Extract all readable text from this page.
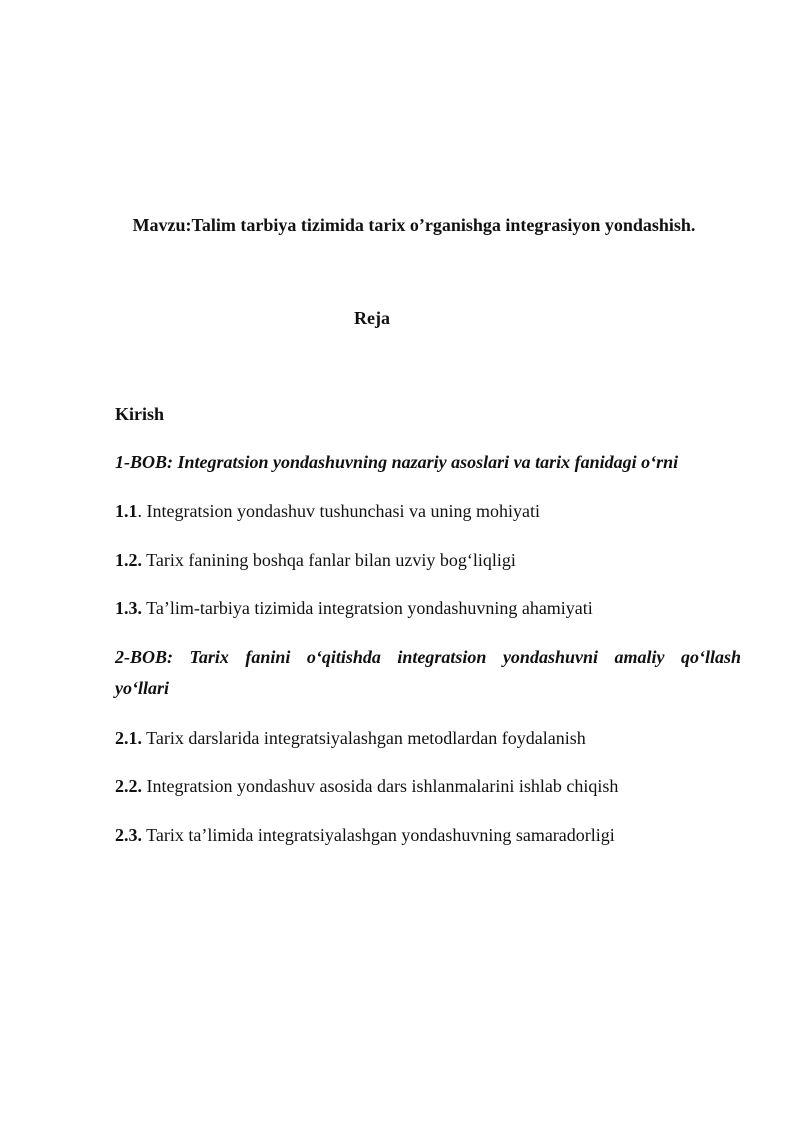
Mavzu:Talim tarbiya tizimida tarix o’rganishga integrasiyon yondashish.
Reja
Kirish
1-BOB: Integratsion yondashuvning nazariy asoslari va tarix fanidagi o‘rni
1.1. Integratsion yondashuv tushunchasi va uning mohiyati
1.2. Tarix fanining boshqa fanlar bilan uzviy bog‘liqligi
1.3. Ta’lim-tarbiya tizimida integratsion yondashuvning ahamiyati
2-BOB: Tarix fanini o‘qitishda integratsion yondashuvni amaliy qo‘llash
yo‘llari
2.1. Tarix darslarida integratsiyalashgan metodlardan foydalanish
2.2. Integratsion yondashuv asosida dars ishlanmalarini ishlab chiqish
2.3. Tarix ta’limida integratsiyalashgan yondashuvning samaradorligi
